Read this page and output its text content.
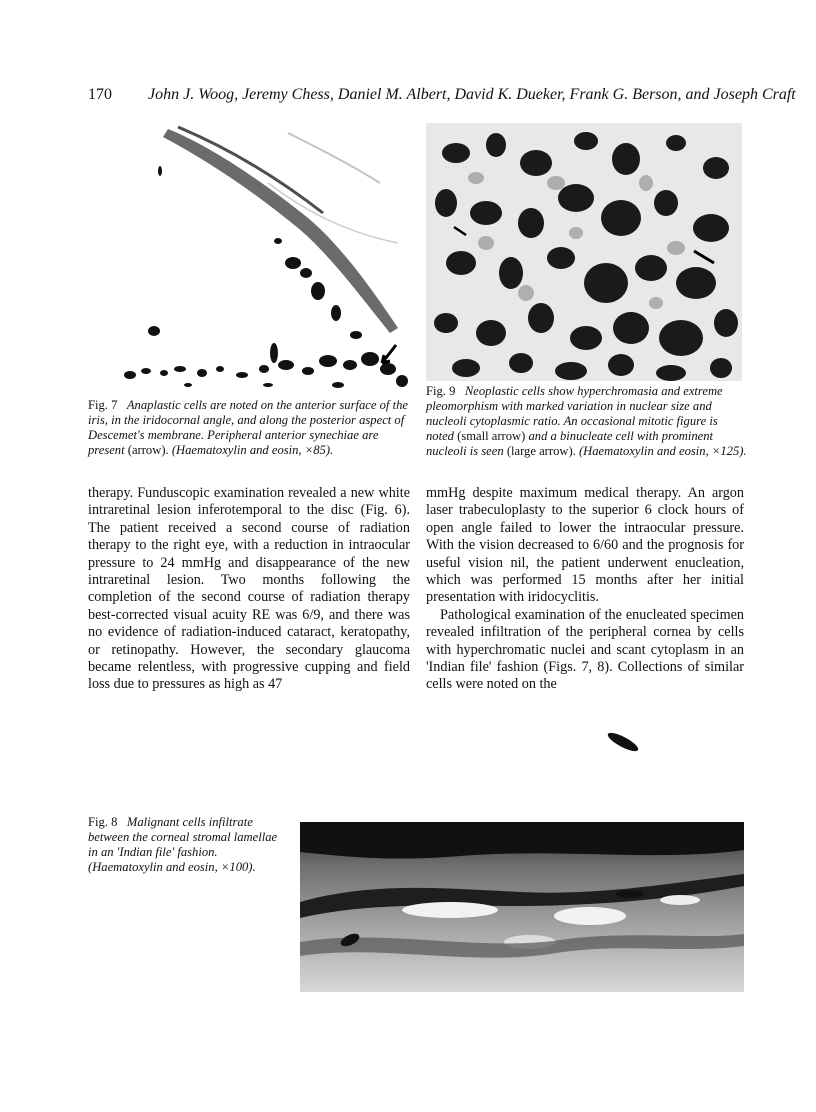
170 John J. Woog, Jeremy Chess, Daniel M. Albert, David K. Dueker, Frank G. Berson, and Joseph Craft
Fig. 7 Anaplastic cells are noted on the anterior surface of the iris, in the iridocornal angle, and along the posterior aspect of Descemet's membrane. Peripheral anterior synechiae are present (arrow). (Haematoxylin and eosin, ×85).
Fig. 9 Neoplastic cells show hyperchromasia and extreme pleomorphism with marked variation in nuclear size and nucleoli cytoplasmic ratio. An occasional mitotic figure is noted (small arrow) and a binucleate cell with prominent nucleoli is seen (large arrow). (Haematoxylin and eosin, ×125).

therapy. Funduscopic examination revealed a new white intraretinal lesion inferotemporal to the disc (Fig. 6). The patient received a second course of radiation therapy to the right eye, with a reduction in intraocular pressure to 24 mmHg and disappearance of the new intraretinal lesion. Two months following the completion of the second course of radiation therapy best-corrected visual acuity RE was 6/9, and there was no evidence of radiation-induced cataract, keratopathy, or retinopathy. However, the secondary glaucoma became relentless, with progressive cupping and field loss due to pressures as high as 47

mmHg despite maximum medical therapy. An argon laser trabeculoplasty to the superior 6 clock hours of open angle failed to lower the intraocular pressure. With the vision decreased to 6/60 and the prognosis for useful vision nil, the patient underwent enucleation, which was performed 15 months after her initial presentation with iridocyclitis.

Pathological examination of the enucleated specimen revealed infiltration of the peripheral cornea by cells with hyperchromatic nuclei and scant cytoplasm in an 'Indian file' fashion (Figs. 7, 8). Collections of similar cells were noted on the

Fig. 8 Malignant cells infiltrate between the corneal stromal lamellae in an 'Indian file' fashion. (Haematoxylin and eosin, ×100).
